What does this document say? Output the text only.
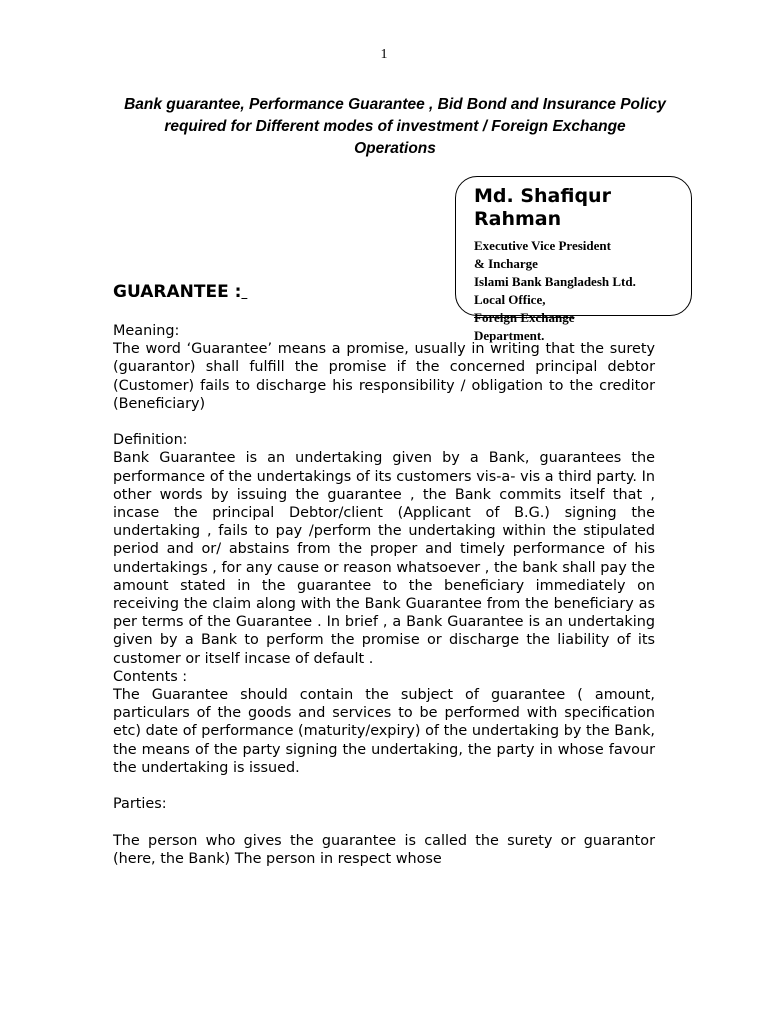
1
Bank guarantee, Performance Guarantee , Bid Bond and Insurance Policy
required for Different modes of investment / Foreign Exchange
Operations
Md. Shafiqur Rahman
Executive Vice President
& Incharge
Islami Bank Bangladesh Ltd.
Local Office,
Foreign Exchange
Department.
GUARANTEE :

Meaning:

The word ‘Guarantee’ means a promise, usually in writing that the surety (guarantor) shall fulfill the promise if the concerned principal debtor (Customer) fails to discharge his responsibility / obligation to the creditor (Beneficiary)

Definition:

Bank Guarantee is an undertaking given by a Bank, guarantees the performance of the undertakings of its customers vis-a- vis a third party. In other words by issuing the guarantee , the Bank commits itself that , incase the principal Debtor/client (Applicant of B.G.) signing the undertaking , fails to pay /perform the undertaking within the stipulated period and or/ abstains from the proper and timely performance of his undertakings , for any cause or reason whatsoever , the bank shall pay the amount stated in the guarantee to the beneficiary immediately on receiving the claim along with the Bank Guarantee from the beneficiary as per terms of the Guarantee . In brief , a Bank Guarantee is an undertaking given by a Bank to perform the promise or discharge the liability of its customer or itself incase of default .

Contents :

The Guarantee should contain the subject of guarantee ( amount, particulars of the goods and services to be performed with specification etc) date of performance (maturity/expiry) of the undertaking by the Bank, the means of the party signing the undertaking, the party in whose favour the undertaking is issued.

Parties:

The person who gives the guarantee is called the surety or guarantor (here, the Bank) The person in respect whose
